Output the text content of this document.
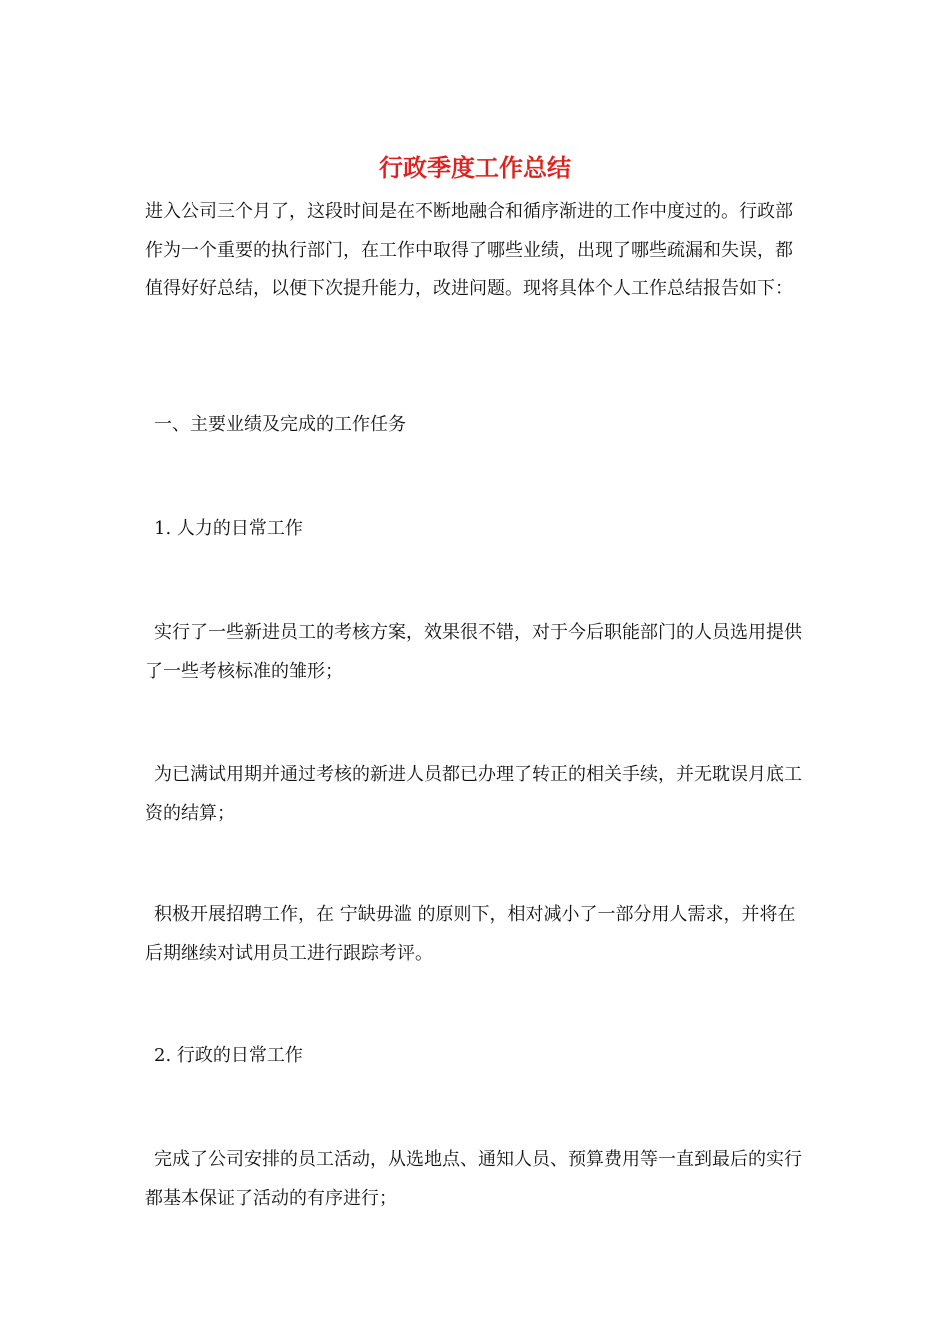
行政季度工作总结

进入公司三个月了，这段时间是在不断地融合和循序渐进的工作中度过的。行政部作为一个重要的执行部门，在工作中取得了哪些业绩，出现了哪些疏漏和失误，都值得好好总结，以便下次提升能力，改进问题。现将具体个人工作总结报告如下：

一、主要业绩及完成的工作任务

1. 人力的日常工作

实行了一些新进员工的考核方案，效果很不错，对于今后职能部门的人员选用提供了一些考核标准的雏形；

为已满试用期并通过考核的新进人员都已办理了转正的相关手续，并无耽误月底工资的结算；

积极开展招聘工作，在 宁缺毋滥 的原则下，相对减小了一部分用人需求，并将在后期继续对试用员工进行跟踪考评。

2. 行政的日常工作

完成了公司安排的员工活动，从选地点、通知人员、预算费用等一直到最后的实行都基本保证了活动的有序进行；
